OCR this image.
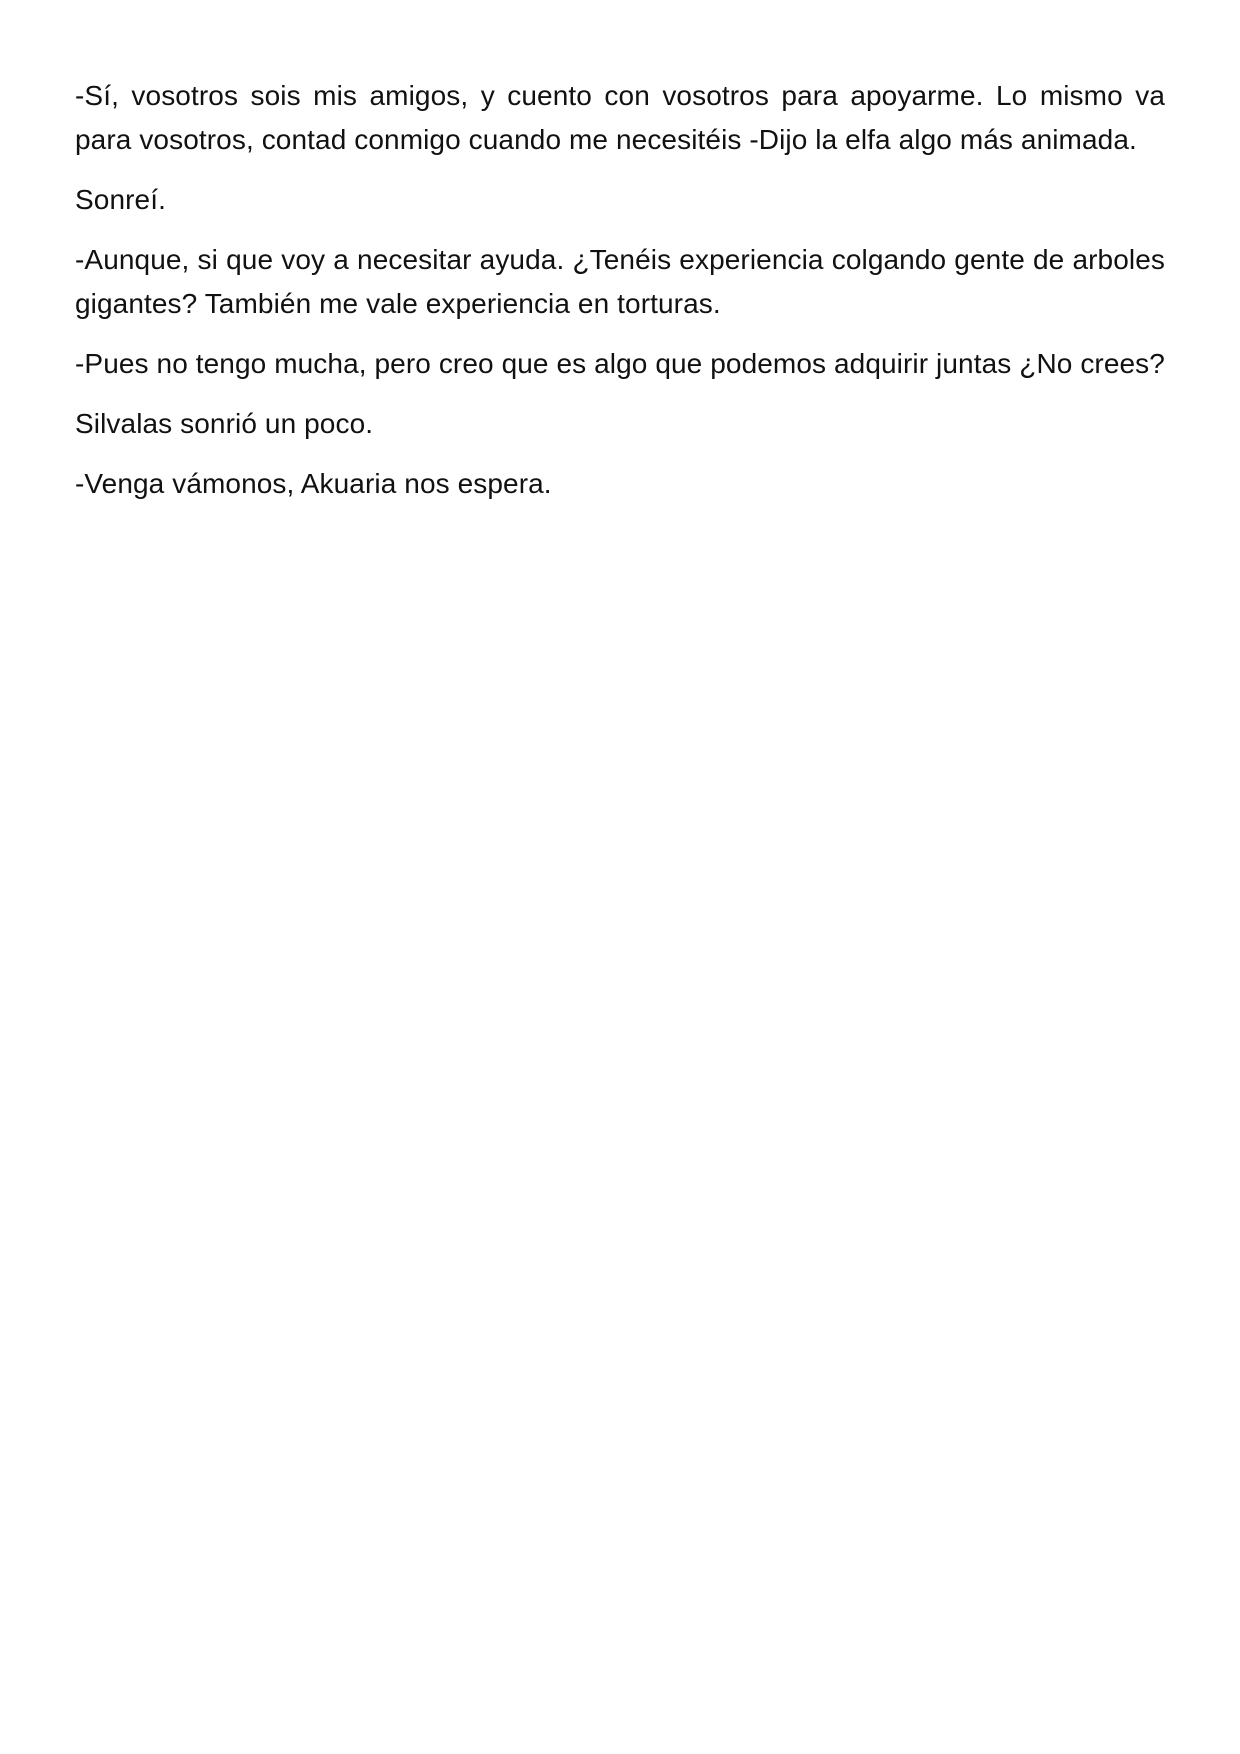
-Sí, vosotros sois mis amigos, y cuento con vosotros para apoyarme. Lo mismo va para vosotros, contad conmigo cuando me necesitéis -Dijo la elfa algo más animada.

Sonreí.

-Aunque, si que voy a necesitar ayuda. ¿Tenéis experiencia colgando gente de arboles gigantes? También me vale experiencia en torturas.

-Pues no tengo mucha, pero creo que es algo que podemos adquirir juntas ¿No crees?

Silvalas sonrió un poco.

-Venga vámonos, Akuaria nos espera.
